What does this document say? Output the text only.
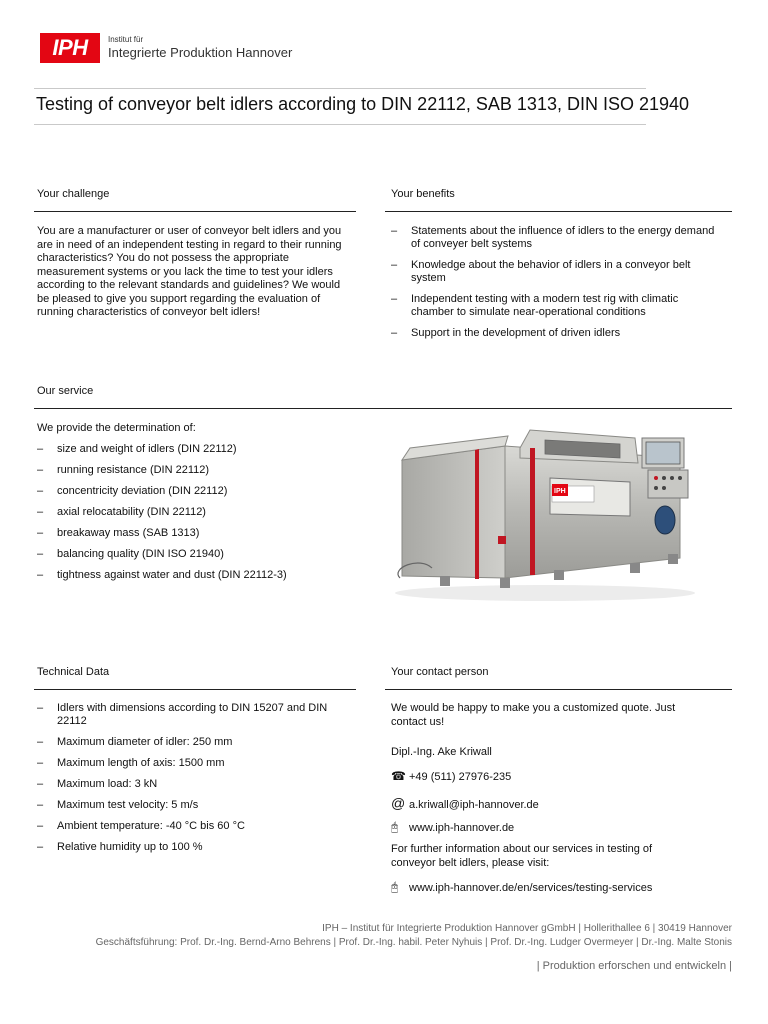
IPH	Institut für
Integrierte Produktion Hannover
Testing of conveyor belt idlers according to DIN 22112, SAB 1313, DIN ISO 21940
Your challenge
You are a manufacturer or user of conveyor belt idlers and you are in need of an independent testing in regard to their running characteristics? You do not possess the appropriate measurement systems or you lack the time to test your idlers according to the relevant standards and guidelines? We would be pleased to give you support regarding the evaluation of running characteristics of conveyor belt idlers!
Your benefits
– Statements about the influence of idlers to the energy demand of conveyer belt systems
– Knowledge about the behavior of idlers in a conveyor belt system
– Independent testing with a modern test rig with climatic chamber to simulate near-operational conditions
– Support in the development of driven idlers
Our service
We provide the determination of:
– size and weight of idlers (DIN 22112)
– running resistance (DIN 22112)
– concentricity deviation (DIN 22112)
– axial relocatability (DIN 22112)
– breakaway mass (SAB 1313)
– balancing quality (DIN ISO 21940)
– tightness against water and dust (DIN 22112-3)
IPH
Technical Data
– Idlers with dimensions according to DIN 15207 and DIN 22112
– Maximum diameter of idler: 250 mm
– Maximum length of axis: 1500 mm
– Maximum load: 3 kN
– Maximum test velocity: 5 m/s
– Ambient temperature: -40 °C bis 60 °C
– Relative humidity up to 100 %
Your contact person
We would be happy to make you a customized quote. Just contact us!
Dipl.-Ing. Ake Kriwall
☎ +49 (511) 27976-235
@ a.kriwall@iph-hannover.de
🖰 www.iph-hannover.de
For further information about our services in testing of conveyor belt idlers, please visit:
🖰 www.iph-hannover.de/en/services/testing-services
IPH – Institut für Integrierte Produktion Hannover gGmbH | Hollerithallee 6 | 30419 Hannover
Geschäftsführung: Prof. Dr.-Ing. Bernd-Arno Behrens | Prof. Dr.-Ing. habil. Peter Nyhuis | Prof. Dr.-Ing. Ludger Overmeyer | Dr.-Ing. Malte Stonis
| Produktion erforschen und entwickeln |
